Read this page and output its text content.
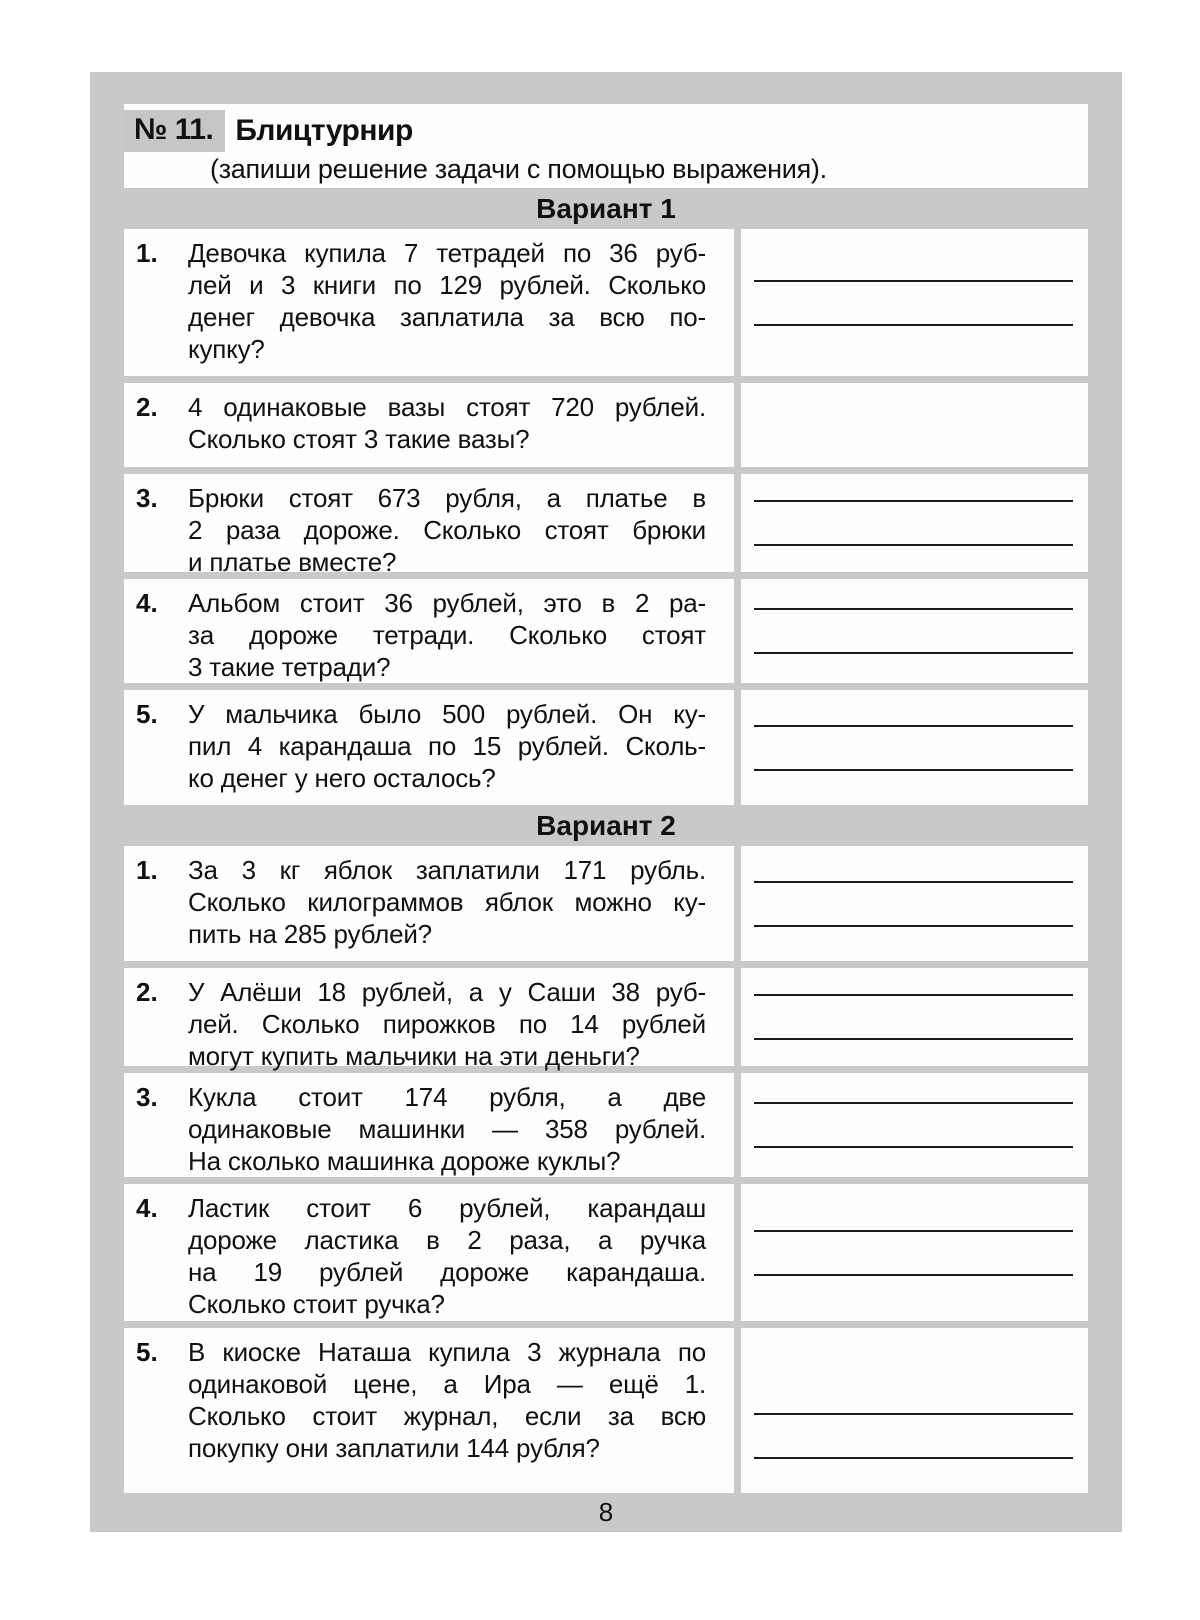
№ 11. Блицтурнир
(запиши решение задачи с помощью выражения).
Вариант 1
1.	Девочка купила 7 тетрадей по 36 руб-
лей и 3 книги по 129 рублей. Сколько
денег девочка заплатила за всю по-
купку?
2.	4 одинаковые вазы стоят 720 рублей.
Сколько стоят 3 такие вазы?
3.	Брюки стоят 673 рубля, а платье в
2 раза дороже. Сколько стоят брюки
и платье вместе?
4.	Альбом стоит 36 рублей, это в 2 ра-
за дороже тетради. Сколько стоят
3 такие тетради?
5.	У мальчика было 500 рублей. Он ку-
пил 4 карандаша по 15 рублей. Сколь-
ко денег у него осталось?
Вариант 2
1.	За 3 кг яблок заплатили 171 рубль.
Сколько килограммов яблок можно ку-
пить на 285 рублей?
2.	У Алёши 18 рублей, а у Саши 38 руб-
лей. Сколько пирожков по 14 рублей
могут купить мальчики на эти деньги?
3.	Кукла стоит 174 рубля, а две
одинаковые машинки — 358 рублей.
На сколько машинка дороже куклы?
4.	Ластик стоит 6 рублей, карандаш
дороже ластика в 2 раза, а ручка
на 19 рублей дороже карандаша.
Сколько стоит ручка?
5.	В киоске Наташа купила 3 журнала по
одинаковой цене, а Ира — ещё 1.
Сколько стоит журнал, если за всю
покупку они заплатили 144 рубля?
8
